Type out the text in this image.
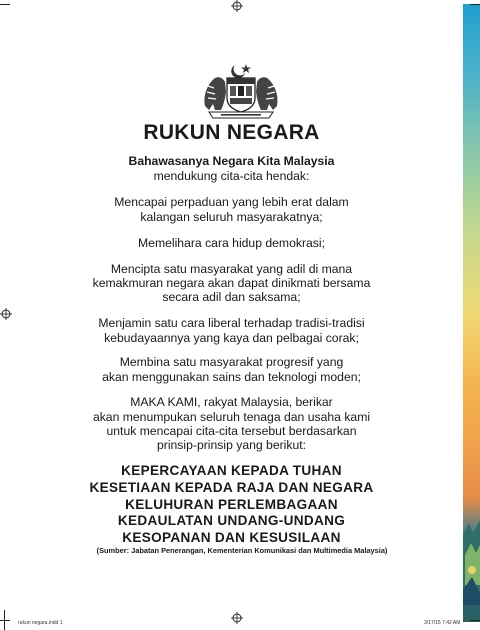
RUKUN NEGARA
Bahawasanya Negara Kita Malaysia
mendukung cita-cita hendak:
Mencapai perpaduan yang lebih erat dalam
kalangan seluruh masyarakatnya;
Memelihara cara hidup demokrasi;
Mencipta satu masyarakat yang adil di mana
kemakmuran negara akan dapat dinikmati bersama
secara adil dan saksama;
Menjamin satu cara liberal terhadap tradisi-tradisi
kebudayaannya yang kaya dan pelbagai corak;
Membina satu masyarakat progresif yang
akan menggunakan sains dan teknologi moden;
MAKA KAMI, rakyat Malaysia, berikar
akan menumpukan seluruh tenaga dan usaha kami
untuk mencapai cita-cita tersebut berdasarkan
prinsip-prinsip yang berikut:
KEPERCAYAAN KEPADA TUHAN
KESETIAAN KEPADA RAJA DAN NEGARA
KELUHURAN PERLEMBAGAAN
KEDAULATAN UNDANG-UNDANG
KESOPANAN DAN KESUSILAAN
(Sumber: Jabatan Penerangan, Kementerian Komunikasi dan Multimedia Malaysia)
rukun negara.indd 1	3/17/15 7:42 AM
